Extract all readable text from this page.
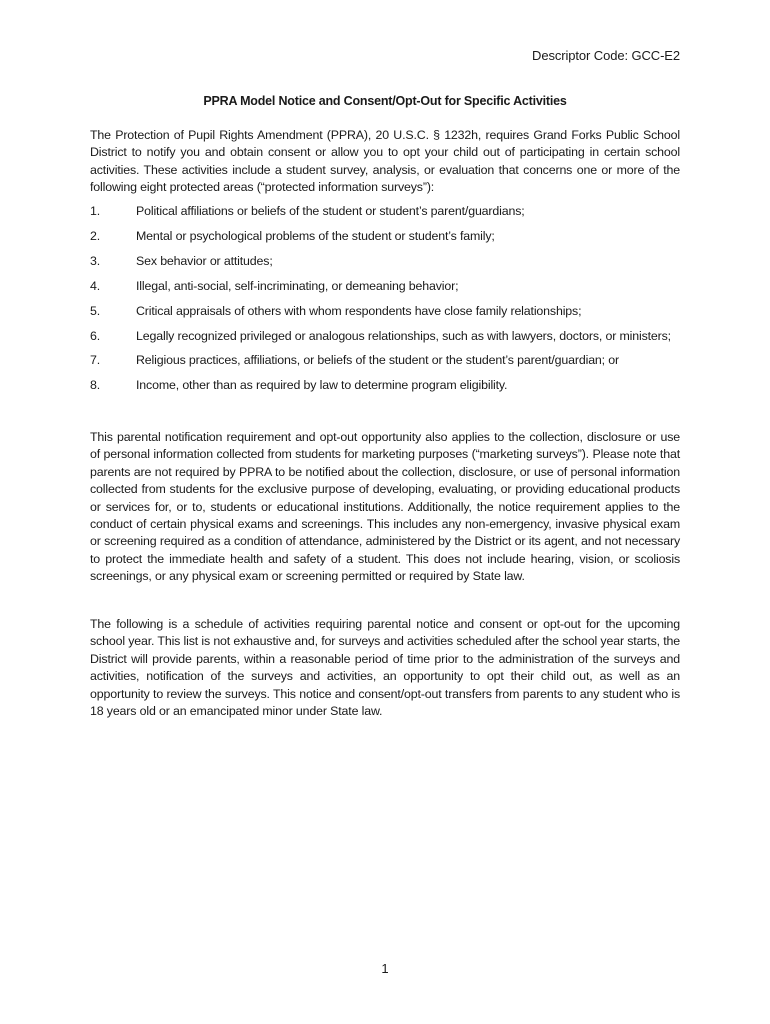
Descriptor Code: GCC-E2
PPRA Model Notice and Consent/Opt-Out for Specific Activities

The Protection of Pupil Rights Amendment (PPRA), 20 U.S.C. § 1232h, requires Grand Forks Public School District to notify you and obtain consent or allow you to opt your child out of participating in certain school activities. These activities include a student survey, analysis, or evaluation that concerns one or more of the following eight protected areas (“protected information surveys”):

1.	Political affiliations or beliefs of the student or student’s parent/guardians;
2.	Mental or psychological problems of the student or student’s family;
3.	Sex behavior or attitudes;
4.	Illegal, anti-social, self-incriminating, or demeaning behavior;
5.	Critical appraisals of others with whom respondents have close family relationships;
6.	Legally recognized privileged or analogous relationships, such as with lawyers, doctors, or ministers;
7.	Religious practices, affiliations, or beliefs of the student or the student’s parent/guardian; or
8.	Income, other than as required by law to determine program eligibility.

This parental notification requirement and opt-out opportunity also applies to the collection, disclosure or use of personal information collected from students for marketing purposes (“marketing surveys”). Please note that parents are not required by PPRA to be notified about the collection, disclosure, or use of personal information collected from students for the exclusive purpose of developing, evaluating, or providing educational products or services for, or to, students or educational institutions. Additionally, the notice requirement applies to the conduct of certain physical exams and screenings. This includes any non-emergency, invasive physical exam or screening required as a condition of attendance, administered by the District or its agent, and not necessary to protect the immediate health and safety of a student. This does not include hearing, vision, or scoliosis screenings, or any physical exam or screening permitted or required by State law.

The following is a schedule of activities requiring parental notice and consent or opt-out for the upcoming school year. This list is not exhaustive and, for surveys and activities scheduled after the school year starts, the District will provide parents, within a reasonable period of time prior to the administration of the surveys and activities, notification of the surveys and activities, an opportunity to opt their child out, as well as an opportunity to review the surveys. This notice and consent/opt-out transfers from parents to any student who is 18 years old or an emancipated minor under State law.

1
